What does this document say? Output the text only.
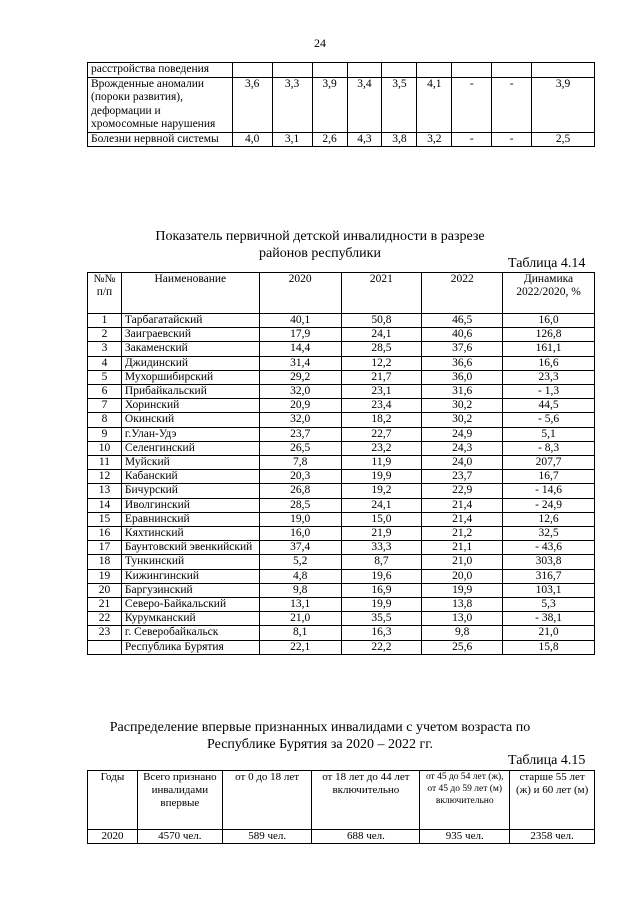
24
расстройства поведения									
Врожденные аномалии (пороки развития), деформации и хромосомные нарушения	3,6	3,3	3,9	3,4	3,5	4,1	-	-	3,9
Болезни нервной системы	4,0	3,1	2,6	4,3	3,8	3,2	-	-	2,5
Показатель первичной детской инвалидности в разрезе
районов республики
Таблица 4.14
№№ п/п	Наименование	2020	2021	2022	Динамика 2022/2020, %
1	Тарбагатайский	40,1	50,8	46,5	16,0
2	Заиграевский	17,9	24,1	40,6	126,8
3	Закаменский	14,4	28,5	37,6	161,1
4	Джидинский	31,4	12,2	36,6	16,6
5	Мухоршибирский	29,2	21,7	36,0	23,3
6	Прибайкальский	32,0	23,1	31,6	- 1,3
7	Хоринский	20,9	23,4	30,2	44,5
8	Окинский	32,0	18,2	30,2	- 5,6
9	г.Улан-Удэ	23,7	22,7	24,9	5,1
10	Селенгинский	26,5	23,2	24,3	- 8,3
11	Муйский	7,8	11,9	24,0	207,7
12	Кабанский	20,3	19,9	23,7	16,7
13	Бичурский	26,8	19,2	22,9	- 14,6
14	Иволгинский	28,5	24,1	21,4	- 24,9
15	Еравнинский	19,0	15,0	21,4	12,6
16	Кяхтинский	16,0	21,9	21,2	32,5
17	Баунтовский эвенкийский	37,4	33,3	21,1	- 43,6
18	Тункинский	5,2	8,7	21,0	303,8
19	Кижингинский	4,8	19,6	20,0	316,7
20	Баргузинский	9,8	16,9	19,9	103,1
21	Северо-Байкальский	13,1	19,9	13,8	5,3
22	Курумканский	21,0	35,5	13,0	- 38,1
23	г. Северобайкальск	8,1	16,3	9,8	21,0
	Республика Бурятия	22,1	22,2	25,6	15,8
Распределение впервые признанных инвалидами с учетом возраста по
Республике Бурятия за 2020 – 2022 гг.
Таблица 4.15
Годы	Всего признано инвалидами впервые	от 0 до 18 лет	от 18 лет до 44 лет включительно	от 45 до 54 лет (ж), от 45 до 59 лет (м) включительно	старше 55 лет (ж) и 60 лет (м)
2020	4570 чел.	589 чел.	688 чел.	935 чел.	2358 чел.
